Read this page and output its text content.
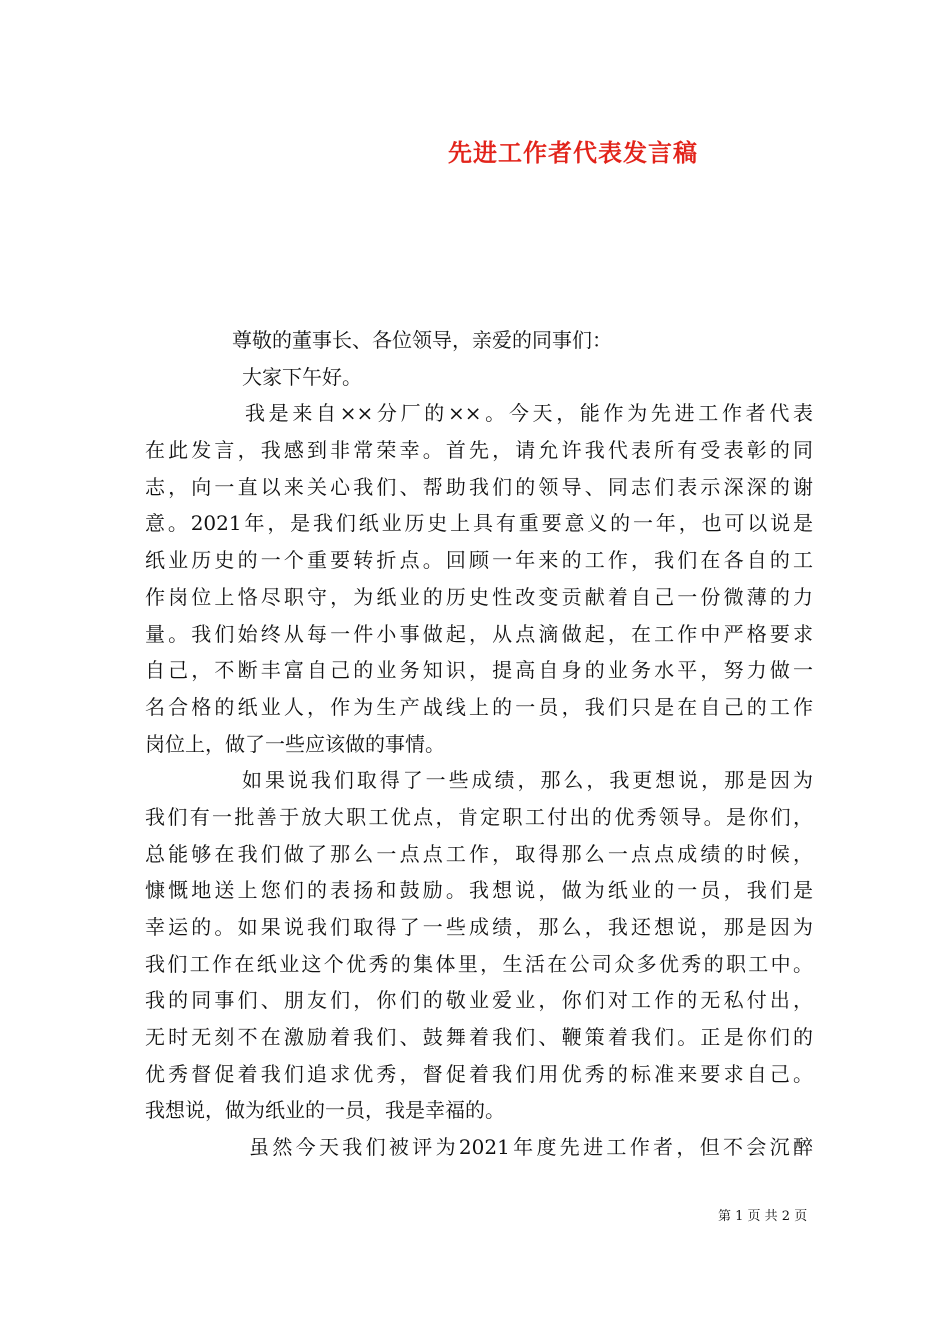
先进工作者代表发言稿
尊敬的董事长、各位领导，亲爱的同事们：
大家下午好。
我是来自××分厂的××。今天，能作为先进工作者代表
在此发言，我感到非常荣幸。首先，请允许我代表所有受表彰的同
志，向一直以来关心我们、帮助我们的领导、同志们表示深深的谢
意。2021年，是我们纸业历史上具有重要意义的一年，也可以说是
纸业历史的一个重要转折点。回顾一年来的工作，我们在各自的工
作岗位上恪尽职守，为纸业的历史性改变贡献着自己一份微薄的力
量。我们始终从每一件小事做起，从点滴做起，在工作中严格要求
自己，不断丰富自己的业务知识，提高自身的业务水平，努力做一
名合格的纸业人，作为生产战线上的一员，我们只是在自己的工作
岗位上，做了一些应该做的事情。
如果说我们取得了一些成绩，那么，我更想说，那是因为
我们有一批善于放大职工优点，肯定职工付出的优秀领导。是你们，
总能够在我们做了那么一点点工作，取得那么一点点成绩的时候，
慷慨地送上您们的表扬和鼓励。我想说，做为纸业的一员，我们是
幸运的。如果说我们取得了一些成绩，那么，我还想说，那是因为
我们工作在纸业这个优秀的集体里，生活在公司众多优秀的职工中。
我的同事们、朋友们，你们的敬业爱业，你们对工作的无私付出，
无时无刻不在激励着我们、鼓舞着我们、鞭策着我们。正是你们的
优秀督促着我们追求优秀，督促着我们用优秀的标准来要求自己。
我想说，做为纸业的一员，我是幸福的。
虽然今天我们被评为2021年度先进工作者，但不会沉醉
第 1 页 共 2 页
